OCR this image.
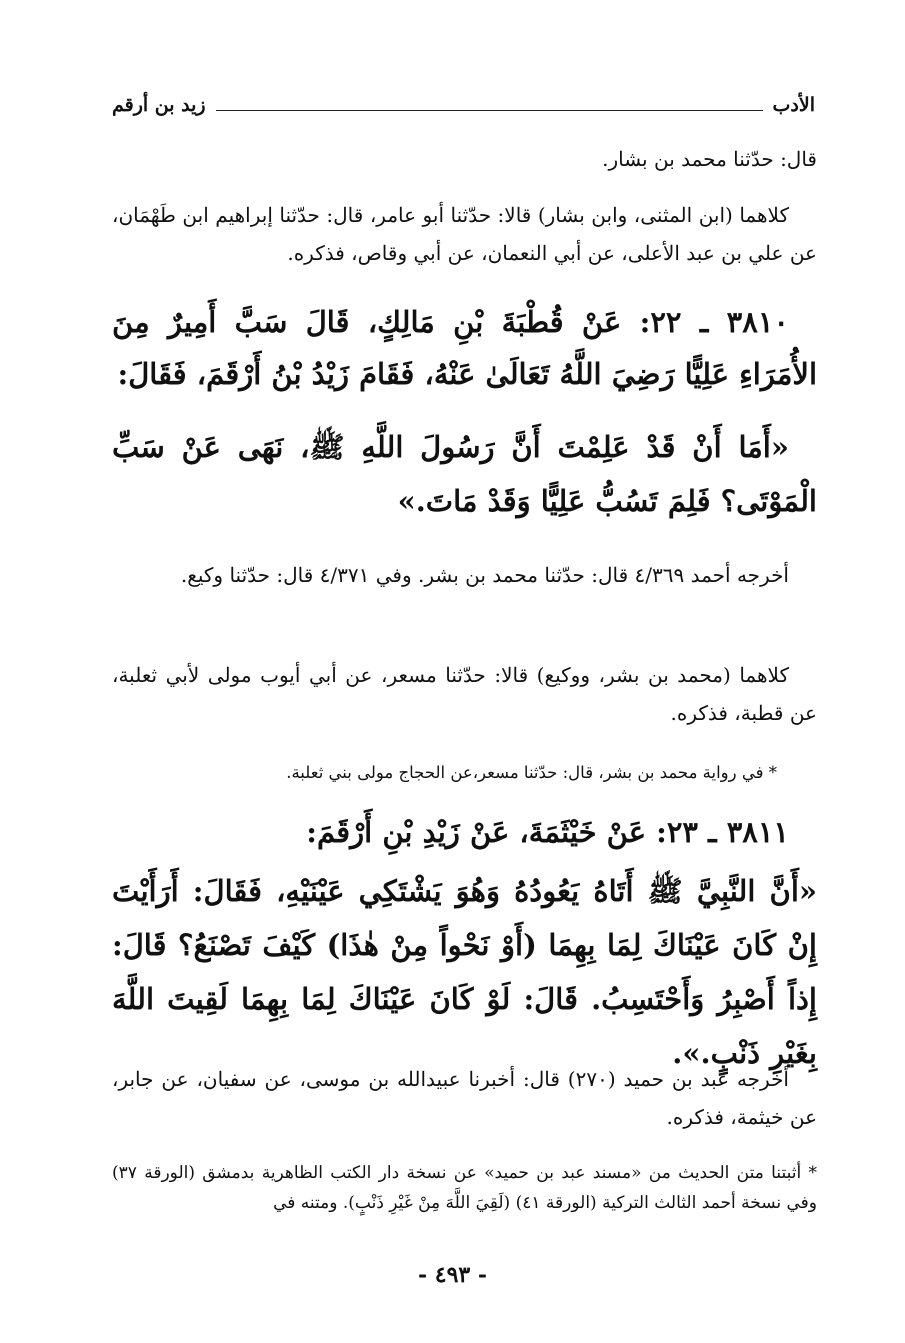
الأدب
زيد بن أرقم
قال: حدّثنا محمد بن بشار.
كلاهما (ابن المثنى، وابن بشار) قالا: حدّثنا أبو عامر، قال: حدّثنا إبراهيم ابن طَهْمَان، عن علي بن عبد الأعلى، عن أبي النعمان، عن أبي وقاص، فذكره.
٣٨١٠ ـ ٢٢: عَنْ قُطْبَةَ بْنِ مَالِكٍ، قَالَ سَبَّ أَمِيرٌ مِنَ الأُمَرَاءِ عَلِيًّا رَضِيَ اللَّهُ تَعَالَىٰ عَنْهُ، فَقَامَ زَيْدُ بْنُ أَرْقَمَ، فَقَالَ:
«أَمَا أَنْ قَدْ عَلِمْتَ أَنَّ رَسُولَ اللَّهِ ﷺ، نَهَى عَنْ سَبِّ الْمَوْتَى؟ فَلِمَ تَسُبُّ عَلِيًّا وَقَدْ مَاتَ.»
أخرجه أحمد ٤/٣٦٩ قال: حدّثنا محمد بن بشر. وفي ٤/٣٧١ قال: حدّثنا وكيع.
كلاهما (محمد بن بشر، ووكيع) قالا: حدّثنا مسعر، عن أبي أيوب مولى لأبي ثعلبة، عن قطبة، فذكره.
* في رواية محمد بن بشر، قال: حدّثنا مسعر،عن الحجاج مولى بني ثعلبة.
٣٨١١ ـ ٢٣: عَنْ خَيْثَمَةَ، عَنْ زَيْدِ بْنِ أَرْقَمَ:
«أَنَّ النَّبِيَّ ﷺ أَتَاهُ يَعُودُهُ وَهُوَ يَشْتَكِي عَيْنَيْهِ، فَقَالَ: أَرَأَيْتَ إِنْ كَانَ عَيْنَاكَ لِمَا بِهِمَا (أَوْ نَحْواً مِنْ هٰذَا) كَيْفَ تَصْنَعُ؟ قَالَ: إِذاً أَصْبِرُ وَأَحْتَسِبُ. قَالَ: لَوْ كَانَ عَيْنَاكَ لِمَا بِهِمَا لَقِيتَ اللَّهَ بِغَيْرِ ذَنْبٍ.».
أخرجه عبد بن حميد (٢٧٠) قال: أخبرنا عبيدالله بن موسى، عن سفيان، عن جابر، عن خيثمة، فذكره.
* أثبتنا متن الحديث من «مسند عبد بن حميد» عن نسخة دار الكتب الظاهرية بدمشق (الورقة ٣٧) وفي نسخة أحمد الثالث التركية (الورقة ٤١) (لَقِيَ اللَّهَ مِنْ غَيْرِ ذَنْبٍ). ومتنه في
- ٤٩٣ -
